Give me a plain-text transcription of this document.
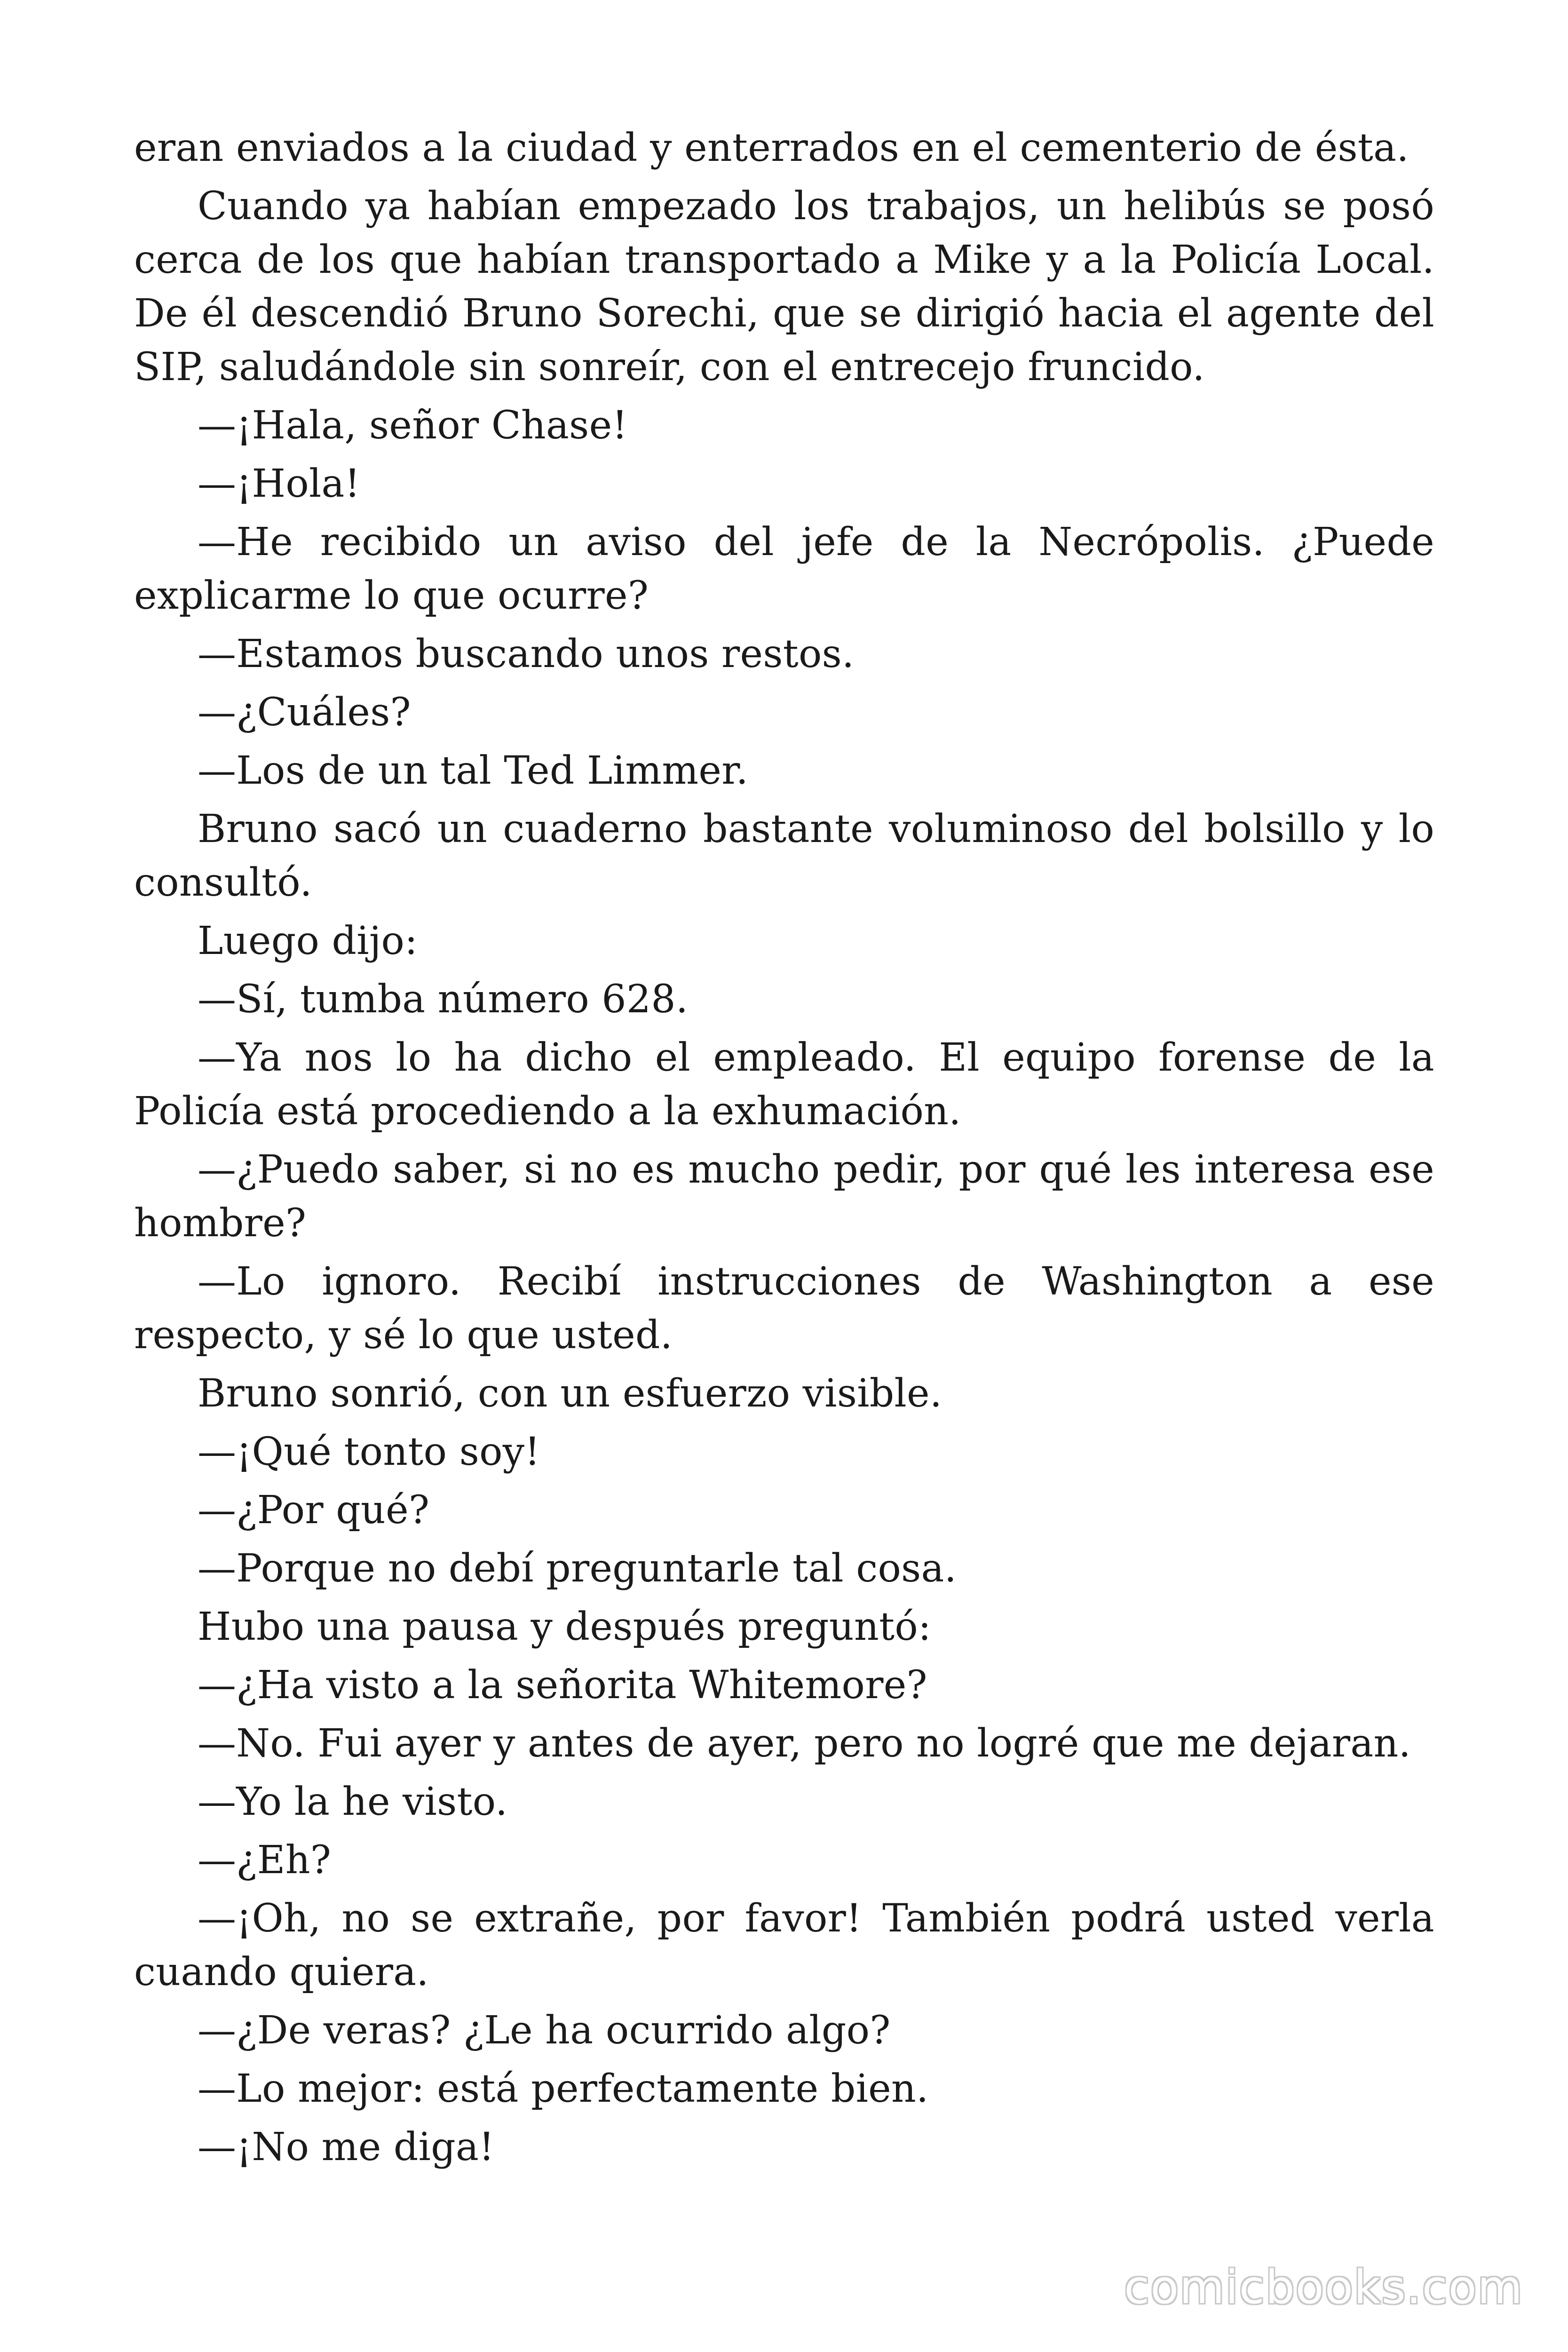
eran enviados a la ciudad y enterrados en el cementerio de ésta.

Cuando ya habían empezado los trabajos, un helibús se posó cerca de los que habían transportado a Mike y a la Policía Local. De él descendió Bruno Sorechi, que se dirigió hacia el agente del SIP, saludándole sin sonreír, con el entrecejo fruncido.

—¡Hala, señor Chase!

—¡Hola!

—He recibido un aviso del jefe de la Necrópolis. ¿Puede explicarme lo que ocurre?

—Estamos buscando unos restos.

—¿Cuáles?

—Los de un tal Ted Limmer.

Bruno sacó un cuaderno bastante voluminoso del bolsillo y lo consultó.

Luego dijo:

—Sí, tumba número 628.

—Ya nos lo ha dicho el empleado. El equipo forense de la Policía está procediendo a la exhumación.

—¿Puedo saber, si no es mucho pedir, por qué les interesa ese hombre?

—Lo ignoro. Recibí instrucciones de Washington a ese respecto, y sé lo que usted.

Bruno sonrió, con un esfuerzo visible.

—¡Qué tonto soy!

—¿Por qué?

—Porque no debí preguntarle tal cosa.

Hubo una pausa y después preguntó:

—¿Ha visto a la señorita Whitemore?

—No. Fui ayer y antes de ayer, pero no logré que me dejaran.

—Yo la he visto.

—¿Eh?

—¡Oh, no se extrañe, por favor! También podrá usted verla cuando quiera.

—¿De veras? ¿Le ha ocurrido algo?

—Lo mejor: está perfectamente bien.

—¡No me diga!

comicbooks.com
